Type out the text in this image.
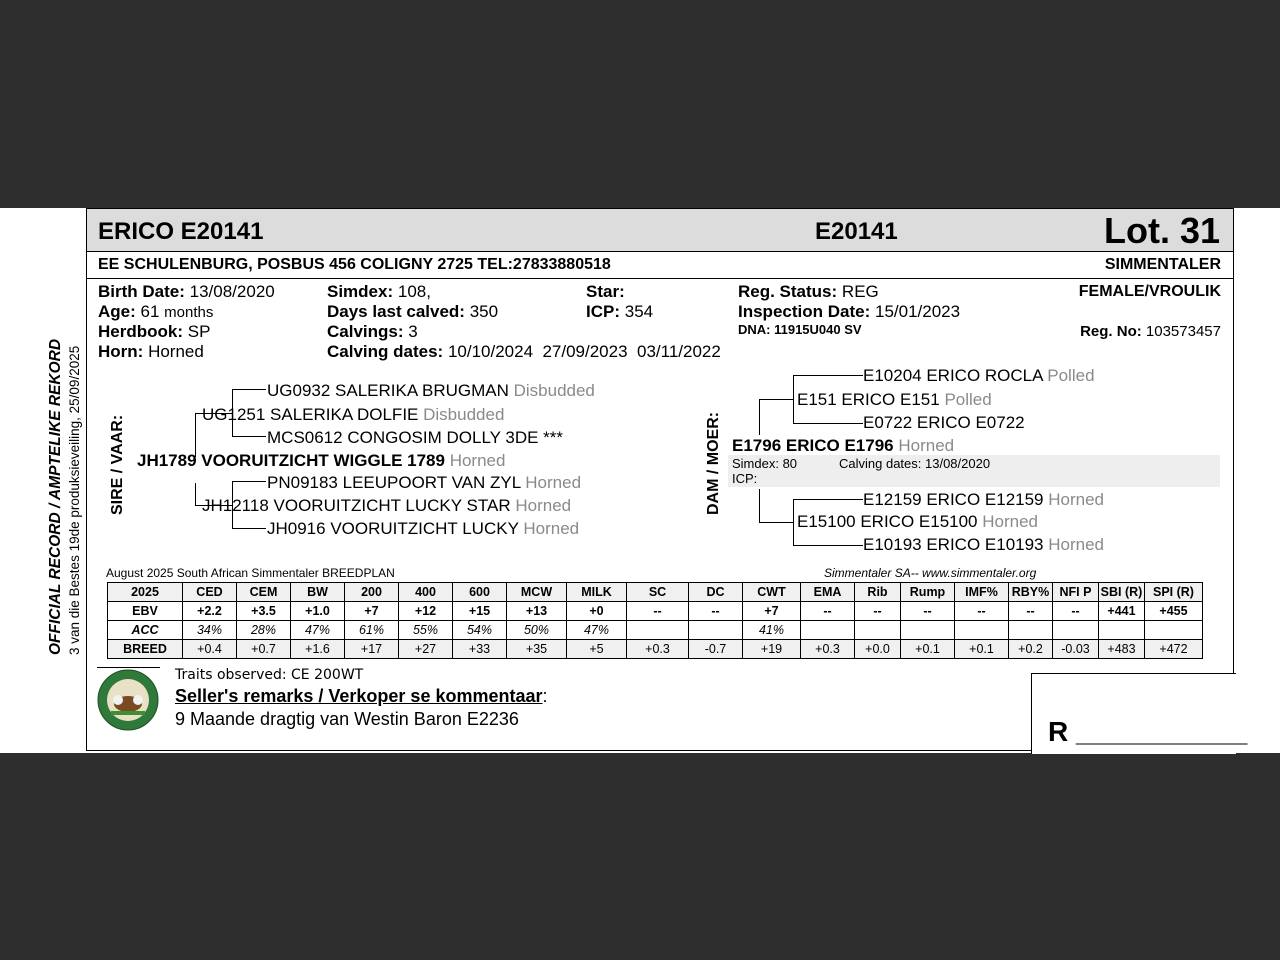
OFFICIAL RECORD / AMPTELIKE REKORD 3 van die Bestes 19de produksieveiling, 25/09/2025
ERICO E20141	E20141	Lot. 31
EE SCHULENBURG, POSBUS 456 COLIGNY 2725 TEL:27833880518	SIMMENTALER
Birth Date: 13/08/2020
Age: 61 months
Herdbook: SP
Horn: Horned
Simdex: 108,
Days last calved: 350
Calvings: 3
Calving dates: 10/10/2024  27/09/2023  03/11/2022
Star:
ICP: 354
Reg. Status: REG
Inspection Date: 15/01/2023
DNA: 11915U040 SV
FEMALE/VROULIK
Reg. No: 103573457
SIRE / VAAR:
UG0932 SALERIKA BRUGMAN Disbudded
UG1251 SALERIKA DOLFIE Disbudded
MCS0612 CONGOSIM DOLLY 3DE ***
JH1789 VOORUITZICHT WIGGLE 1789 Horned
PN09183 LEEUPOORT VAN ZYL Horned
JH12118 VOORUITZICHT LUCKY STAR Horned
JH0916 VOORUITZICHT LUCKY Horned
DAM / MOER:
E10204 ERICO ROCLA Polled
E151 ERICO E151 Polled
E0722 ERICO E0722
E1796 ERICO E1796 Horned
Simdex: 80	Calving dates: 13/08/2020
ICP:
E12159 ERICO E12159 Horned
E15100 ERICO E15100 Horned
E10193 ERICO E10193 Horned
August 2025 South African Simmentaler BREEDPLAN	Simmentaler SA-- www.simmentaler.org
2025	CED	CEM	BW	200	400	600	MCW	MILK	SC	DC	CWT	EMA	Rib	Rump	IMF%	RBY%	NFI P	SBI (R)	SPI (R)
EBV	+2.2	+3.5	+1.0	+7	+12	+15	+13	+0	--	--	+7	--	--	--	--	--	--	+441	+455
ACC	34%	28%	47%	61%	55%	54%	50%	47%			41%								
BREED	+0.4	+0.7	+1.6	+17	+27	+33	+35	+5	+0.3	-0.7	+19	+0.3	+0.0	+0.1	+0.1	+0.2	-0.03	+483	+472
Traits observed: CE 200WT
Seller's remarks / Verkoper se kommentaar:
9 Maande dragtig van Westin Baron E2236	R ___________
